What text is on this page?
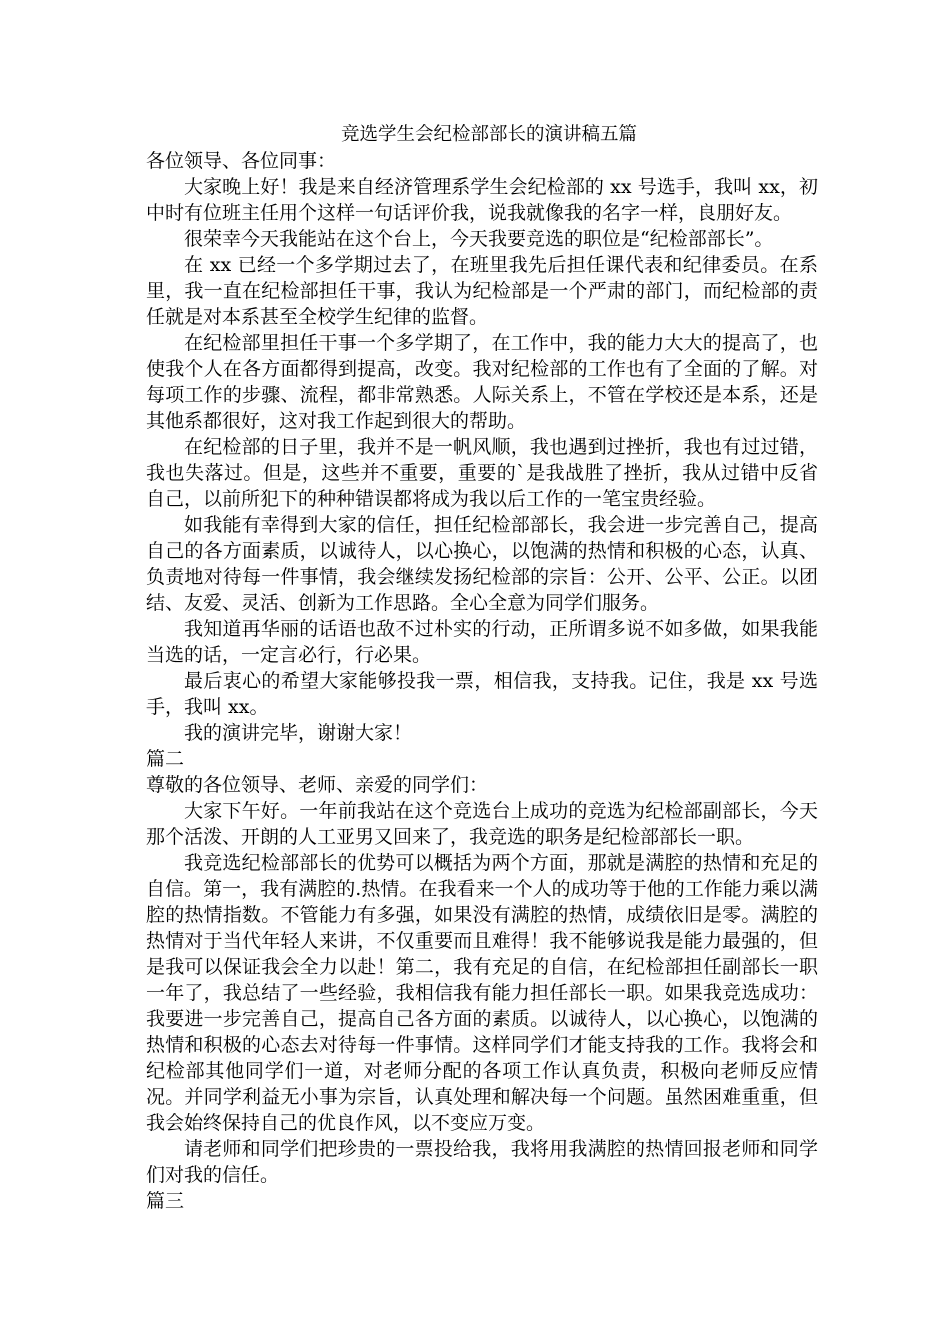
竞选学生会纪检部部长的演讲稿五篇

各位领导、各位同事：

大家晚上好！我是来自经济管理系学生会纪检部的 xx 号选手，我叫 xx，初中时有位班主任用个这样一句话评价我，说我就像我的名字一样，良朋好友。

很荣幸今天我能站在这个台上，今天我要竞选的职位是“纪检部部长”。

在 xx 已经一个多学期过去了，在班里我先后担任课代表和纪律委员。在系里，我一直在纪检部担任干事，我认为纪检部是一个严肃的部门，而纪检部的责任就是对本系甚至全校学生纪律的监督。

在纪检部里担任干事一个多学期了，在工作中，我的能力大大的提高了，也使我个人在各方面都得到提高，改变。我对纪检部的工作也有了全面的了解。对每项工作的步骤、流程，都非常熟悉。人际关系上，不管在学校还是本系，还是其他系都很好，这对我工作起到很大的帮助。

在纪检部的日子里，我并不是一帆风顺，我也遇到过挫折，我也有过过错，我也失落过。但是，这些并不重要，重要的`是我战胜了挫折，我从过错中反省自己，以前所犯下的种种错误都将成为我以后工作的一笔宝贵经验。

如我能有幸得到大家的信任，担任纪检部部长，我会进一步完善自己，提高自己的各方面素质，以诚待人，以心换心，以饱满的热情和积极的心态，认真、负责地对待每一件事情，我会继续发扬纪检部的宗旨：公开、公平、公正。以团结、友爱、灵活、创新为工作思路。全心全意为同学们服务。

我知道再华丽的话语也敌不过朴实的行动，正所谓多说不如多做，如果我能当选的话，一定言必行，行必果。

最后衷心的希望大家能够投我一票，相信我，支持我。记住，我是 xx 号选手，我叫 xx。

我的演讲完毕，谢谢大家！

篇二

尊敬的各位领导、老师、亲爱的同学们：

大家下午好。一年前我站在这个竞选台上成功的竞选为纪检部副部长，今天那个活泼、开朗的人工亚男又回来了，我竞选的职务是纪检部部长一职。

我竞选纪检部部长的优势可以概括为两个方面，那就是满腔的热情和充足的自信。第一，我有满腔的.热情。在我看来一个人的成功等于他的工作能力乘以满腔的热情指数。不管能力有多强，如果没有满腔的热情，成绩依旧是零。满腔的热情对于当代年轻人来讲，不仅重要而且难得！我不能够说我是能力最强的，但是我可以保证我会全力以赴！第二，我有充足的自信，在纪检部担任副部长一职一年了，我总结了一些经验，我相信我有能力担任部长一职。如果我竞选成功：我要进一步完善自己，提高自己各方面的素质。以诚待人，以心换心，以饱满的热情和积极的心态去对待每一件事情。这样同学们才能支持我的工作。我将会和纪检部其他同学们一道，对老师分配的各项工作认真负责，积极向老师反应情况。并同学利益无小事为宗旨，认真处理和解决每一个问题。虽然困难重重，但我会始终保持自己的优良作风，以不变应万变。

请老师和同学们把珍贵的一票投给我，我将用我满腔的热情回报老师和同学们对我的信任。

篇三
